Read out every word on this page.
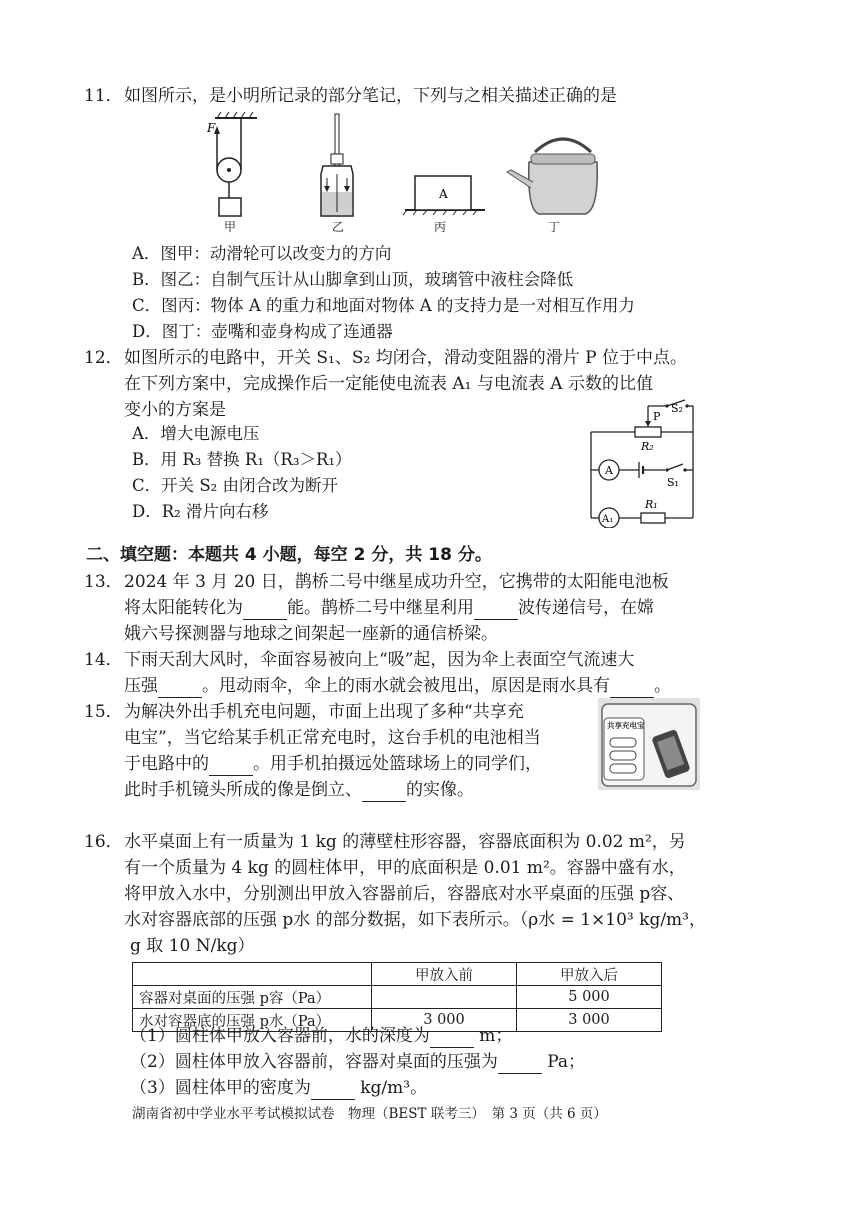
11． 如图所示，是小明所记录的部分笔记，下列与之相关描述正确的是
F
A
甲	乙	丙	丁
A．图甲：动滑轮可以改变力的方向
B．图乙：自制气压计从山脚拿到山顶，玻璃管中液柱会降低
C．图丙：物体 A 的重力和地面对物体 A 的支持力是一对相互作用力
D．图丁：壶嘴和壶身构成了连通器
12． 如图所示的电路中，开关 S₁、S₂ 均闭合，滑动变阻器的滑片 P 位于中点。
在下列方案中，完成操作后一定能使电流表 A₁ 与电流表 A 示数的比值
变小的方案是
A．增大电源电压
B．用 R₃ 替换 R₁（R₃＞R₁）
C．开关 S₂ 由闭合改为断开
D．R₂ 滑片向右移
P
S₂
R₂
A
S₁
R₁
A₁
二、填空题：本题共 4 小题，每空 2 分，共 18 分。
13． 2024 年 3 月 20 日，鹊桥二号中继星成功升空，它携带的太阳能电池板
将太阳能转化为	能。鹊桥二号中继星利用	波传递信号，在嫦
娥六号探测器与地球之间架起一座新的通信桥梁。
14． 下雨天刮大风时，伞面容易被向上“吸”起，因为伞上表面空气流速大
压强	。甩动雨伞，伞上的雨水就会被甩出，原因是雨水具有	。
15． 为解决外出手机充电问题，市面上出现了多种“共享充
电宝”，当它给某手机正常充电时，这台手机的电池相当
于电路中的	。用手机拍摄远处篮球场上的同学们，
此时手机镜头所成的像是倒立、	的实像。
共享充电宝
16． 水平桌面上有一质量为 1 kg 的薄壁柱形容器，容器底面积为 0.02 m²，另
有一个质量为 4 kg 的圆柱体甲，甲的底面积是 0.01 m²。容器中盛有水，
将甲放入水中，分别测出甲放入容器前后，容器底对水平桌面的压强 p容、
水对容器底部的压强 p水 的部分数据，如下表所示。（ρ水 = 1×10³ kg/m³，
g 取 10 N/kg）
	甲放入前	甲放入后
容器对桌面的压强 p容（Pa）		5 000
水对容器底的压强 p水（Pa）	3 000	3 000
（1）圆柱体甲放入容器前，水的深度为	m；
（2）圆柱体甲放入容器前，容器对桌面的压强为	Pa；
（3）圆柱体甲的密度为	kg/m³。
湖南省初中学业水平考试模拟试卷　物理（BEST 联考三）　第 3 页（共 6 页）
